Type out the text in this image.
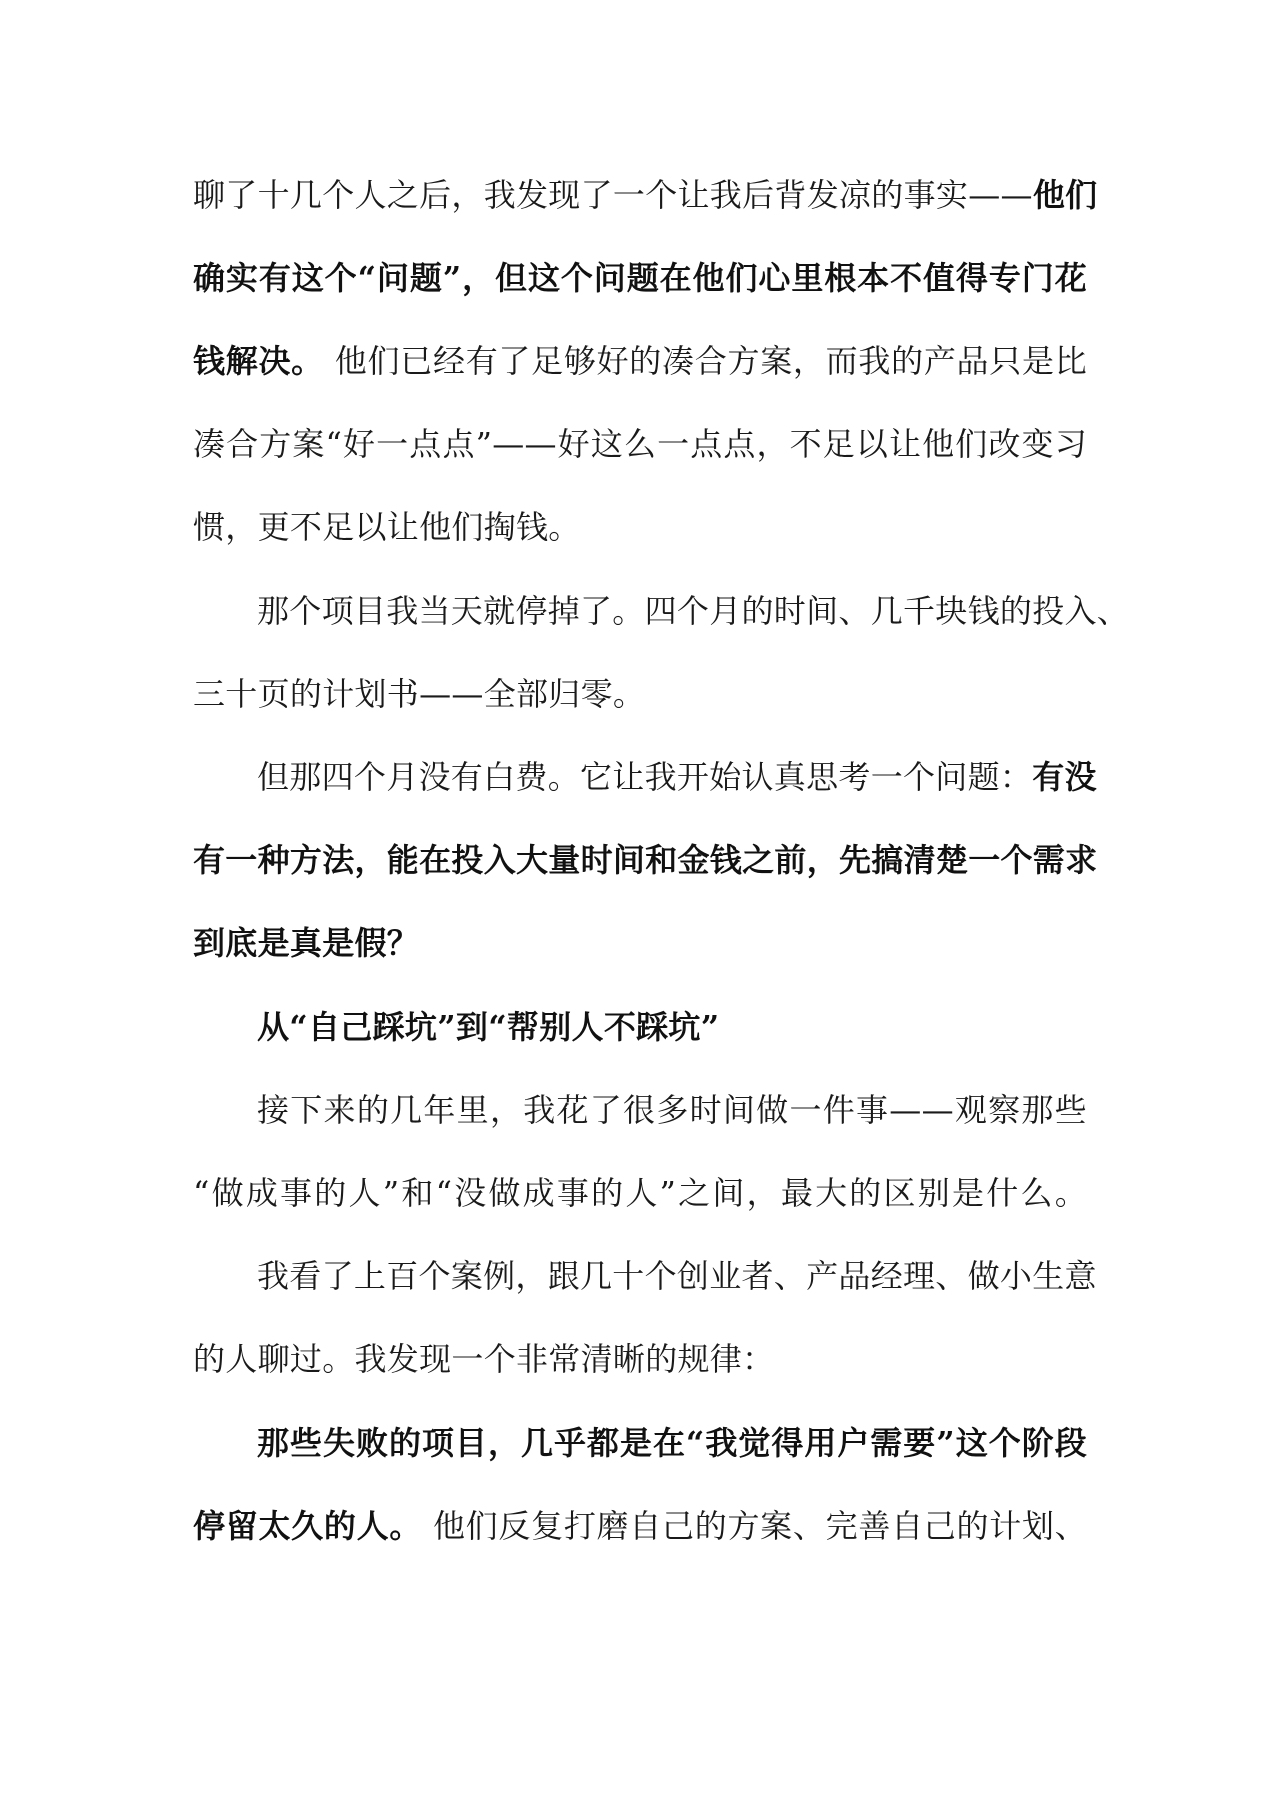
聊了十几个人之后，我发现了一个让我后背发凉的事实——他们
确实有这个“问题”，但这个问题在他们心里根本不值得专门花
钱解决。 他们已经有了足够好的凑合方案，而我的产品只是比
凑合方案“好一点点”——好这么一点点，不足以让他们改变习
惯，更不足以让他们掏钱。
那个项目我当天就停掉了。四个月的时间、几千块钱的投入、
三十页的计划书——全部归零。
但那四个月没有白费。它让我开始认真思考一个问题：有没
有一种方法，能在投入大量时间和金钱之前，先搞清楚一个需求
到底是真是假？
从“自己踩坑”到“帮别人不踩坑”
接下来的几年里，我花了很多时间做一件事——观察那些
“做成事的人”和“没做成事的人”之间，最大的区别是什么。
我看了上百个案例，跟几十个创业者、产品经理、做小生意
的人聊过。我发现一个非常清晰的规律：
那些失败的项目，几乎都是在“我觉得用户需要”这个阶段
停留太久的人。 他们反复打磨自己的方案、完善自己的计划、
